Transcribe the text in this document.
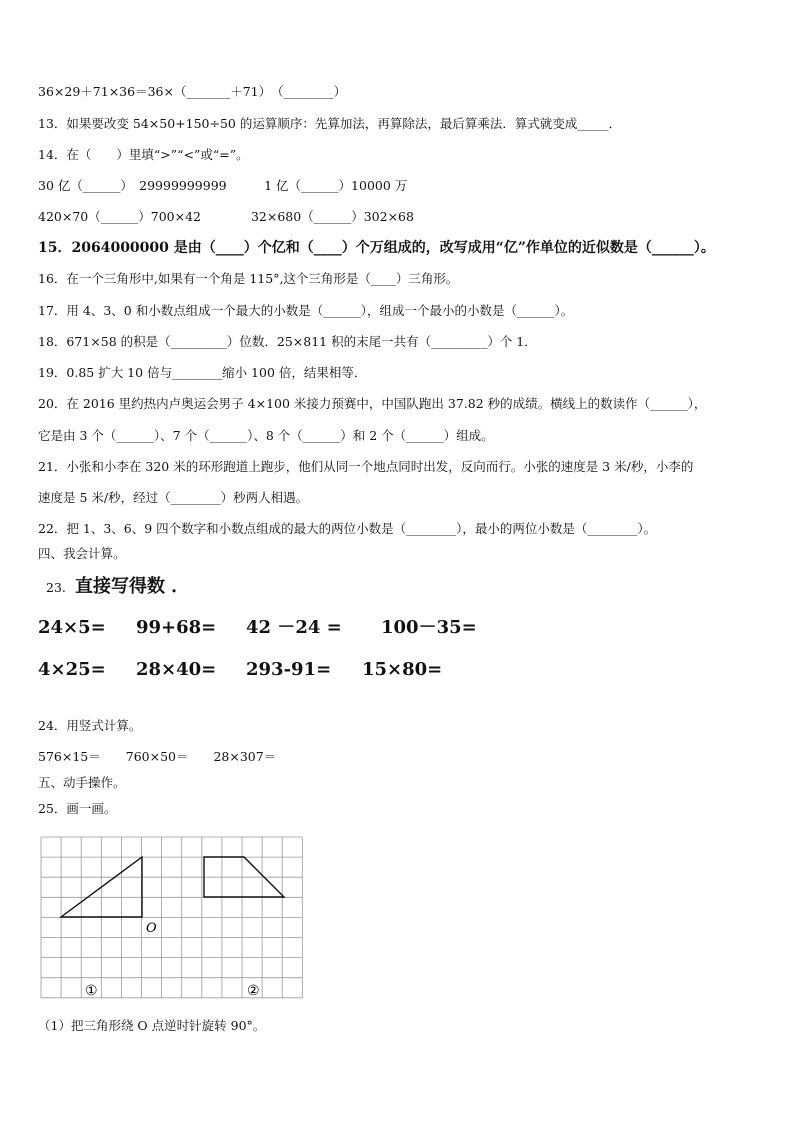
36×29＋71×36＝36×（_______＋71）　（________）
13．如果要改变 54×50+150÷50 的运算顺序：先算加法，再算除法，最后算乘法．算式就变成_____．
14．在（　　）里填“>”“<”或“=”。
30 亿（______）　29999999999　　　1 亿（______）10000 万
420×70（______）700×42　　　　32×680（______）302×68
15．2064000000 是由（____）个亿和（____）个万组成的，改写成用“亿”作单位的近似数是（______）。
16．在一个三角形中,如果有一个角是 115°,这个三角形是（____）三角形。
17．用 4、3、0 和小数点组成一个最大的小数是（______），组成一个最小的小数是（______）。
18．671×58 的积是（_________）位数．25×811 积的末尾一共有（_________）个 1．
19．0.85 扩大 10 倍与________缩小 100 倍，结果相等．
20．在 2016 里约热内卢奥运会男子 4×100 米接力预赛中，中国队跑出 37.82 秒的成绩。横线上的数读作（______），
它是由 3 个（______）、7 个（______）、8 个（______）和 2 个（______）组成。
21．小张和小李在 320 米的环形跑道上跑步，他们从同一个地点同时出发，反向而行。小张的速度是 3 米/秒，小李的
速度是 5 米/秒，经过（________）秒两人相遇。
22．把 1、3、6、9 四个数字和小数点组成的最大的两位小数是（________），最小的两位小数是（________）。
四、我会计算。
23. 直接写得数 ．
24×5= 99+68= 42 －24 = 100－35=
4×25= 28×40= 293-91= 15×80=
24．用竖式计算。
576×15＝　　760×50＝　　28×307＝
五、动手操作。
25．画一画。
O
①	②
（1）把三角形绕 O 点逆时针旋转 90°。
